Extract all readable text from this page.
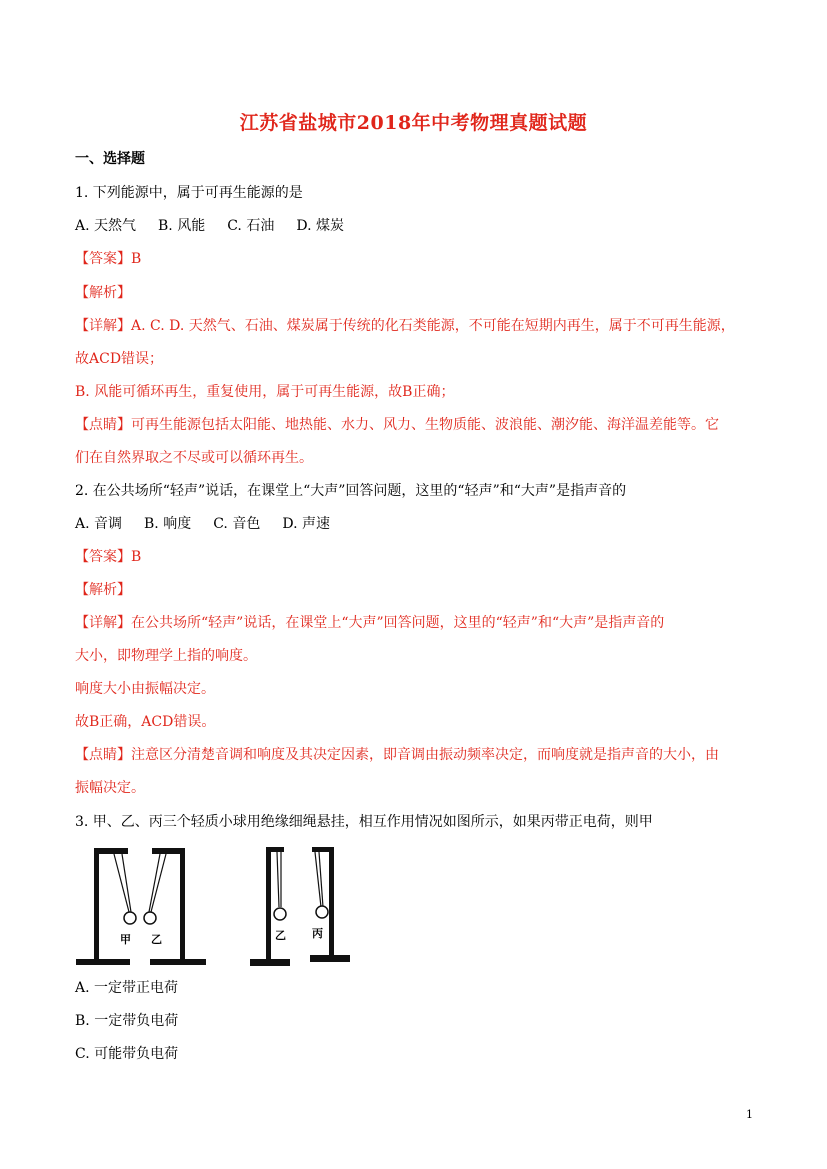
江苏省盐城市2018年中考物理真题试题
一、选择题
1. 下列能源中，属于可再生能源的是
A. 天然气 B. 风能 C. 石油 D. 煤炭
【答案】B
【解析】
【详解】A. C. D. 天然气、石油、煤炭属于传统的化石类能源，不可能在短期内再生，属于不可再生能源，
故ACD错误；
B. 风能可循环再生，重复使用，属于可再生能源，故B正确；
【点睛】可再生能源包括太阳能、地热能、水力、风力、生物质能、波浪能、潮汐能、海洋温差能等。它
们在自然界取之不尽或可以循环再生。
2. 在公共场所“轻声”说话，在课堂上“大声”回答问题，这里的“轻声”和“大声”是指声音的
A. 音调 B. 响度 C. 音色 D. 声速
【答案】B
【解析】
【详解】在公共场所“轻声”说话，在课堂上“大声”回答问题，这里的“轻声”和“大声”是指声音的
大小，即物理学上指的响度。
响度大小由振幅决定。
故B正确，ACD错误。
【点睛】注意区分清楚音调和响度及其决定因素，即音调由振动频率决定，而响度就是指声音的大小，由
振幅决定。
3. 甲、乙、丙三个轻质小球用绝缘细绳悬挂，相互作用情况如图所示，如果丙带正电荷，则甲
甲 乙	乙 丙
A. 一定带正电荷
B. 一定带负电荷
C. 可能带负电荷
1
